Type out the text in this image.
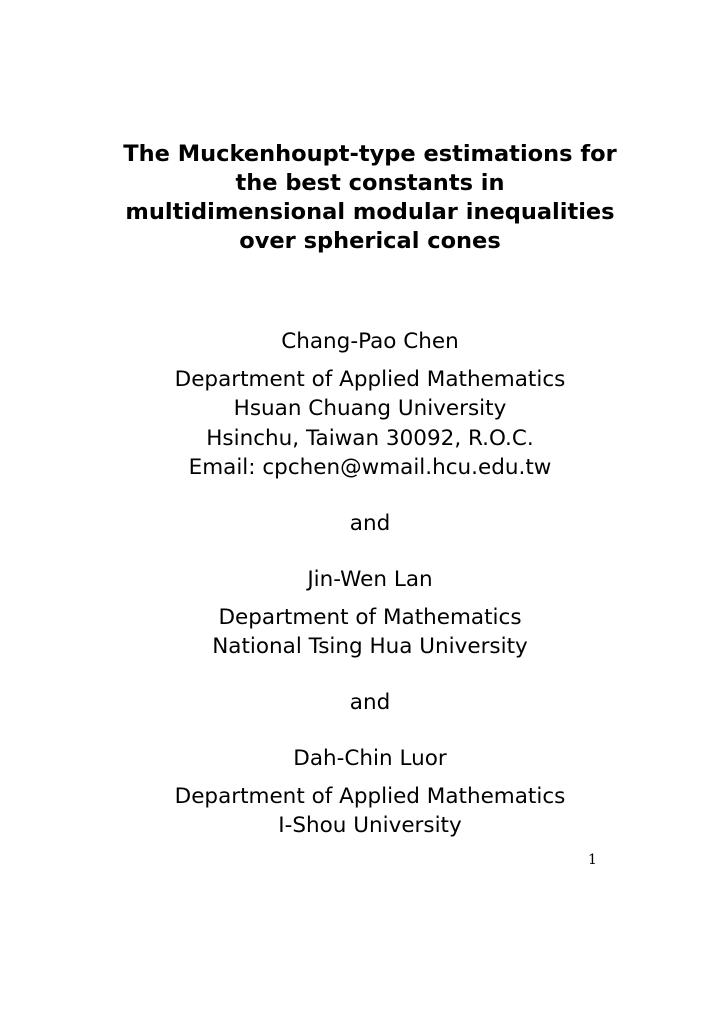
The Muckenhoupt-type estimations for
the best constants in
multidimensional modular inequalities
over spherical cones
Chang-Pao Chen
Department of Applied Mathematics
Hsuan Chuang University
Hsinchu, Taiwan 30092, R.O.C.
Email: cpchen@wmail.hcu.edu.tw
and
Jin-Wen Lan
Department of Mathematics
National Tsing Hua University
and
Dah-Chin Luor
Department of Applied Mathematics
I-Shou University
1
